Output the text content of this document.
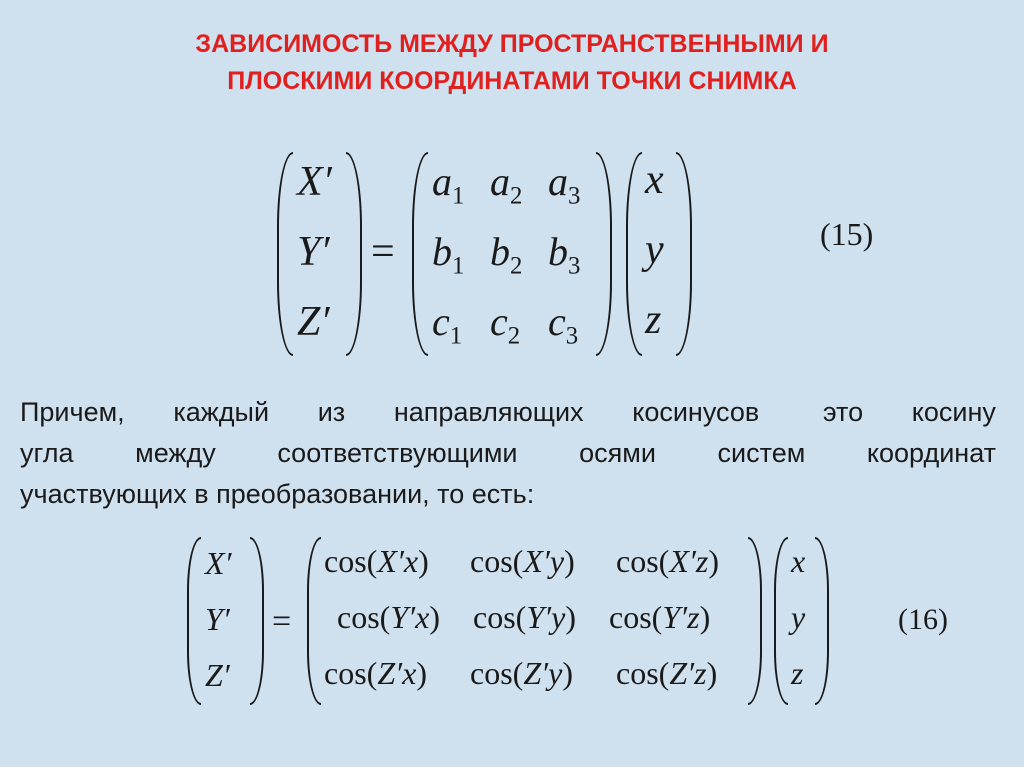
ЗАВИСИМОСТЬ МЕЖДУ ПРОСТРАНСТВЕННЫМИ И
ПЛОСКИМИ КООРДИНАТАМИ ТОЧКИ СНИМКА
X′
Y′
Z′
=
$a_1$ $a_2$ $a_3$
$b_1$ $b_2$ $b_3$
$c_1$ $c_2$ $c_3$
x
y
z
(15)
Причем, каждый из направляющих косинусов это косину
угла между соответствующими осями систем координат
участвующих в преобразовании, то есть:
X′
Y′
Z′
=
cos(X′x) cos(X′y) cos(X′z)
cos(Y′x) cos(Y′y) cos(Y′z)
cos(Z′x) cos(Z′y) cos(Z′z)
x
y
z
(16)
